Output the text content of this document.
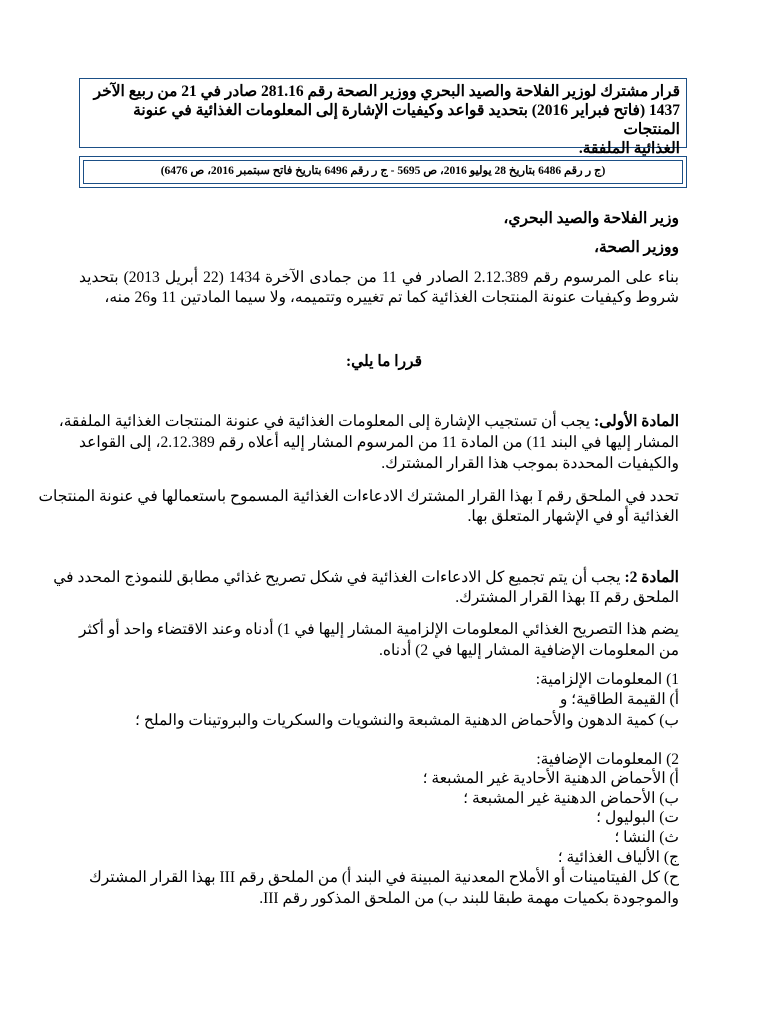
قرار مشترك لوزير الفلاحة والصيد البحري ووزير الصحة رقم 281.16 صادر في 21 من ربيع الآخر
1437 (فاتح فبراير 2016) بتحديد قواعد وكيفيات الإشارة إلى المعلومات الغذائية في عنونة المنتجات
الغذائية الملفقة.
(ج ر رقم 6486 بتاريخ 28 يوليو 2016، ص 5695 - ج ر رقم 6496 بتاريخ فاتح سبتمبر 2016، ص 6476)
وزير الفلاحة والصيد البحري،
ووزير الصحة،
بناء على المرسوم رقم 2.12.389 الصادر في 11 من جمادى الآخرة 1434 (22 أبريل 2013) بتحديد
شروط وكيفيات عنونة المنتجات الغذائية كما تم تغييره وتتميمه، ولا سيما المادتين 11 و26 منه،
قررا ما يلي:
المادة الأولى: يجب أن تستجيب الإشارة إلى المعلومات الغذائية في عنونة المنتجات الغذائية الملفقة،
المشار إليها في البند 11) من المادة 11 من المرسوم المشار إليه أعلاه رقم 2.12.389، إلى القواعد
والكيفيات المحددة بموجب هذا القرار المشترك.
تحدد في الملحق رقم I بهذا القرار المشترك الادعاءات الغذائية المسموح باستعمالها في عنونة المنتجات
الغذائية أو في الإشهار المتعلق بها.
المادة 2: يجب أن يتم تجميع كل الادعاءات الغذائية في شكل تصريح غذائي مطابق للنموذج المحدد في
الملحق رقم II بهذا القرار المشترك.
يضم هذا التصريح الغذائي المعلومات الإلزامية المشار إليها في 1) أدناه وعند الاقتضاء واحد أو أكثر
من المعلومات الإضافية المشار إليها في 2) أدناه.
1) المعلومات الإلزامية:
أ) القيمة الطاقية؛ و
ب) كمية الدهون والأحماض الدهنية المشبعة والنشويات والسكريات والبروتينات والملح ؛
2) المعلومات الإضافية:
أ) الأحماض الدهنية الأحادية غير المشبعة ؛
ب) الأحماض الدهنية غير المشبعة ؛
ت) البوليول ؛
ث) النشا ؛
ج) الألياف الغذائية ؛
ح) كل الفيتامينات أو الأملاح المعدنية المبينة في البند أ) من الملحق رقم III بهذا القرار المشترك
والموجودة بكميات مهمة طبقا للبند ب) من الملحق المذكور رقم III.
